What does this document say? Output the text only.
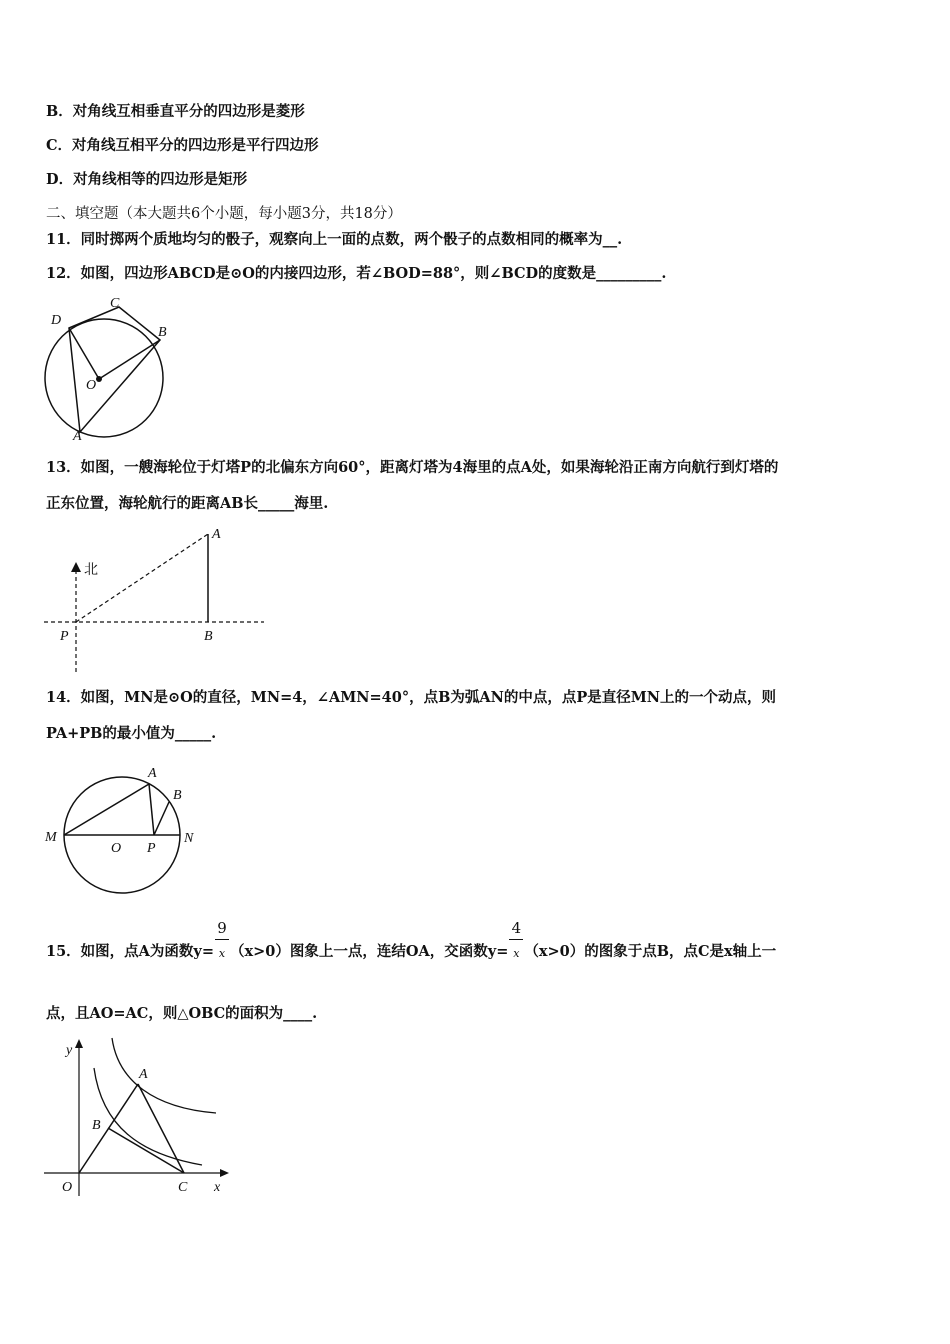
B．对角线互相垂直平分的四边形是菱形
C．对角线互相平分的四边形是平行四边形
D．对角线相等的四边形是矩形
二、填空题（本大题共6个小题，每小题3分，共18分）
11．同时掷两个质地均匀的骰子，观察向上一面的点数，两个骰子的点数相同的概率为__.
12．如图，四边形ABCD是⊙O的内接四边形，若∠BOD=88°，则∠BCD的度数是_________.
D
C
B
O
A
13．如图，一艘海轮位于灯塔P的北偏东方向60°，距离灯塔为4海里的点A处，如果海轮沿正南方向航行到灯塔的
正东位置，海轮航行的距离AB长_____海里.
A
北
P	B
14．如图，MN是⊙O的直径，MN=4，∠AMN=40°，点B为弧AN的中点，点P是直径MN上的一个动点，则
PA+PB的最小值为_____.
A
B
M
O P
N
15．如图，点A为函数$y= \frac{9}{x} (x>0)$图象上一点，连结OA，交函数$y= \frac{4}{x} (x>0)$的图象于点B，点C是x轴上一
点，且AO=AC，则△OBC的面积为____.
y
A
B
O	C x
